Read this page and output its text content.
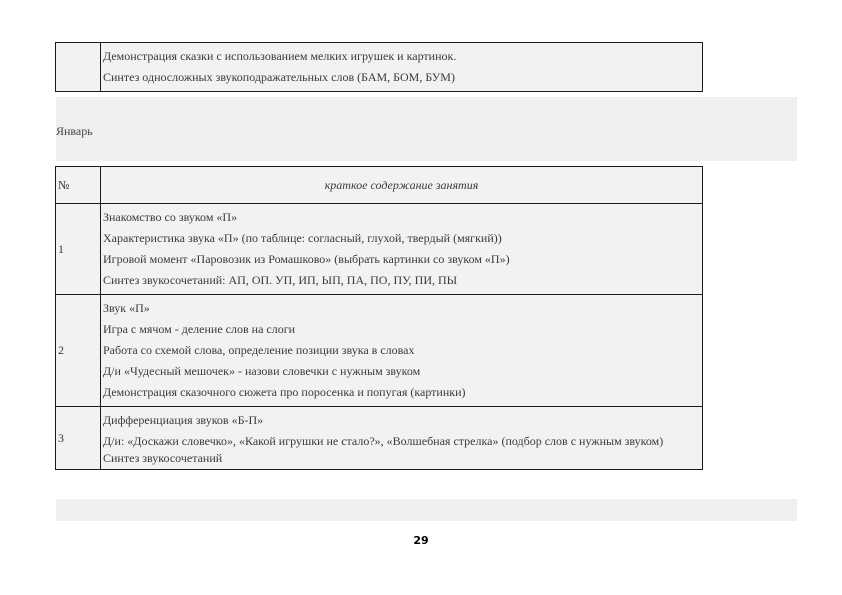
Демонстрация сказки с использованием мелких игрушек и картинок.
Синтез односложных звукоподражательных слов (БАМ, БОМ, БУМ)
Январь
№	краткое содержание занятия
1	Знакомство со звуком «П»
Характеристика звука «П» (по таблице: согласный, глухой, твердый (мягкий))
Игровой момент «Паровозик из Ромашково» (выбрать картинки со звуком «П»)
Синтез звукосочетаний: АП, ОП. УП, ИП, ЫП, ПА, ПО, ПУ, ПИ, ПЫ

2	Звук «П»
Игра с мячом - деление слов на слоги
Работа со схемой слова, определение позиции звука в словах
Д/и «Чудесный мешочек» - назови словечки с нужным звуком
Демонстрация сказочного сюжета про поросенка и попугая (картинки)

3	Дифференциация звуков «Б-П»
Д/и: «Доскажи словечко», «Какой игрушки не стало?», «Волшебная стрелка» (подбор слов с нужным звуком)
Синтез звукосочетаний
29
